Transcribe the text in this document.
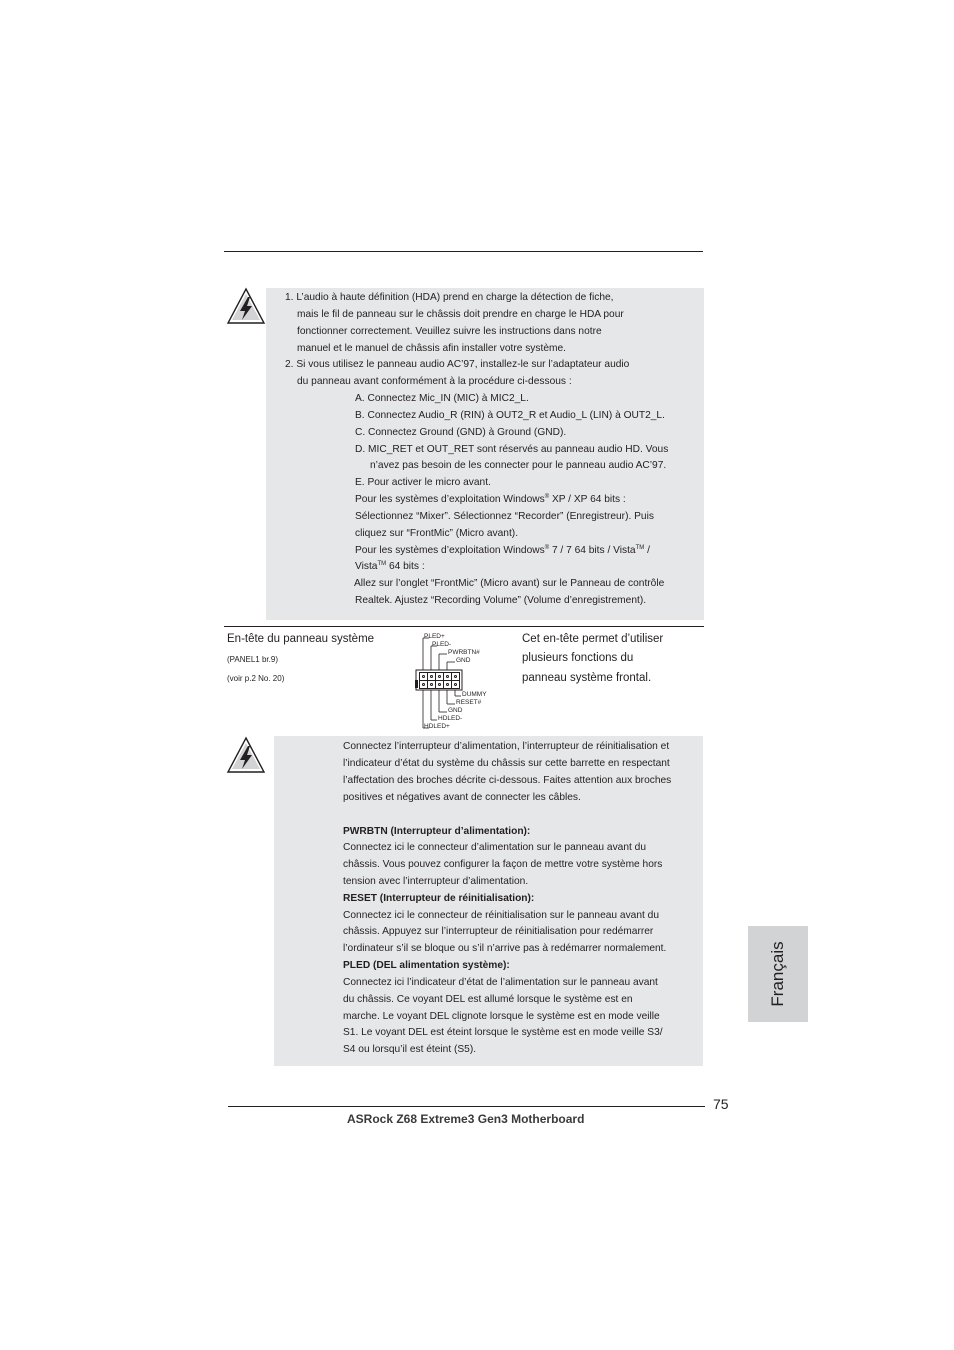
1. L’audio à haute définition (HDA) prend en charge la détection de fiche,
mais le fil de panneau sur le châssis doit prendre en charge le HDA pour
fonctionner correctement. Veuillez suivre les instructions dans notre
manuel et le manuel de châssis afin installer votre système.
2. Si vous utilisez le panneau audio AC’97, installez-le sur l’adaptateur audio
du panneau avant conformément à la procédure ci-dessous :
A. Connectez Mic_IN (MIC) à MIC2_L.
B. Connectez Audio_R (RIN) à OUT2_R et Audio_L (LIN) à OUT2_L.
C. Connectez Ground (GND) à Ground (GND).
D. MIC_RET et OUT_RET sont réservés au panneau audio HD. Vous
n’avez pas besoin de les connecter pour le panneau audio AC’97.
E. Pour activer le micro avant.
Pour les systèmes d’exploitation Windows® XP / XP 64 bits :
Sélectionnez “Mixer”. Sélectionnez “Recorder” (Enregistreur). Puis
cliquez sur “FrontMic” (Micro avant).
Pour les systèmes d’exploitation Windows® 7 / 7 64 bits / Vista™ /
Vista™ 64 bits :
Allez sur l’onglet “FrontMic” (Micro avant) sur le Panneau de contrôle
Realtek. Ajustez “Recording Volume” (Volume d’enregistrement).
En-tête du panneau système
(PANEL1 br.9)
(voir p.2 No. 20)
Cet en-tête permet d’utiliser
plusieurs fonctions du
panneau système frontal.
PLED+
PLED-
PWRBTN#
GND
DUMMY
RESET#
GND
HDLED-
HDLED+
Connectez l’interrupteur d’alimentation, l’interrupteur de réinitialisation et
l’indicateur d’état du système du châssis sur cette barrette en respectant
l’affectation des broches décrite ci-dessous. Faites attention aux broches
positives et négatives avant de connecter les câbles.
PWRBTN (Interrupteur d’alimentation):
Connectez ici le connecteur d’alimentation sur le panneau avant du
châssis. Vous pouvez configurer la façon de mettre votre système hors
tension avec l’interrupteur d’alimentation.
RESET (Interrupteur de réinitialisation):
Connectez ici le connecteur de réinitialisation sur le panneau avant du
châssis. Appuyez sur l’interrupteur de réinitialisation pour redémarrer
l’ordinateur s’il se bloque ou s’il n’arrive pas à redémarrer normalement.
PLED (DEL alimentation système):
Connectez ici l’indicateur d’état de l’alimentation sur le panneau avant
du châssis. Ce voyant DEL est allumé lorsque le système est en
marche. Le voyant DEL clignote lorsque le système est en mode veille
S1. Le voyant DEL est éteint lorsque le système est en mode veille S3/
S4 ou lorsqu’il est éteint (S5).
Français
75
ASRock Z68 Extreme3 Gen3 Motherboard
